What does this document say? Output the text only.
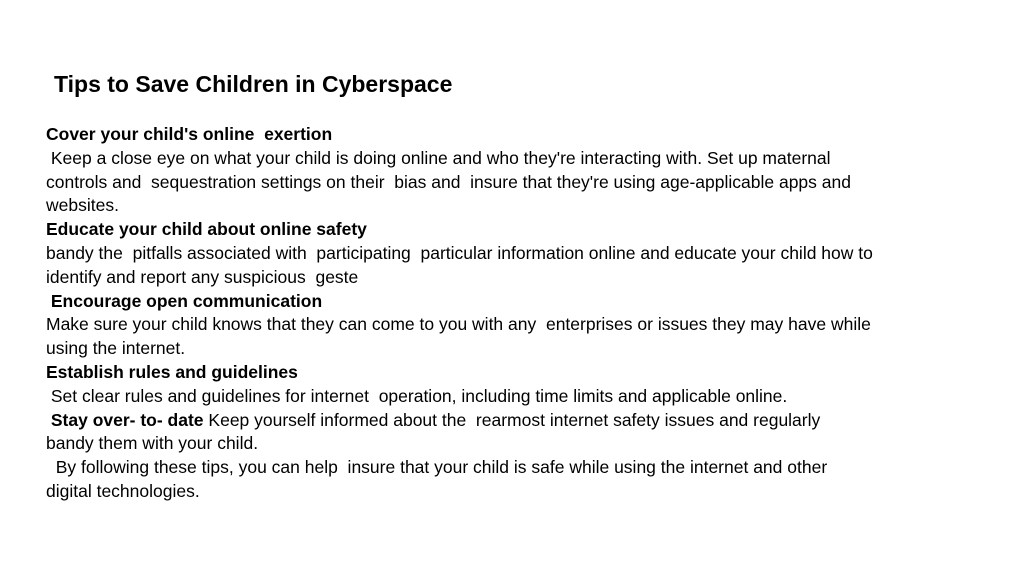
Tips to Save Children in Cyberspace
Cover your child's online  exertion
Keep a close eye on what your child is doing online and who they're interacting with. Set up maternal
controls and  sequestration settings on their  bias and  insure that they're using age-applicable apps and
websites.
Educate your child about online safety
bandy the  pitfalls associated with  participating  particular information online and educate your child how to
identify and report any suspicious  geste
Encourage open communication
Make sure your child knows that they can come to you with any  enterprises or issues they may have while
using the internet.
Establish rules and guidelines
Set clear rules and guidelines for internet  operation, including time limits and applicable online.
Stay over- to- date Keep yourself informed about the  rearmost internet safety issues and regularly
bandy them with your child.
By following these tips, you can help  insure that your child is safe while using the internet and other
digital technologies.
